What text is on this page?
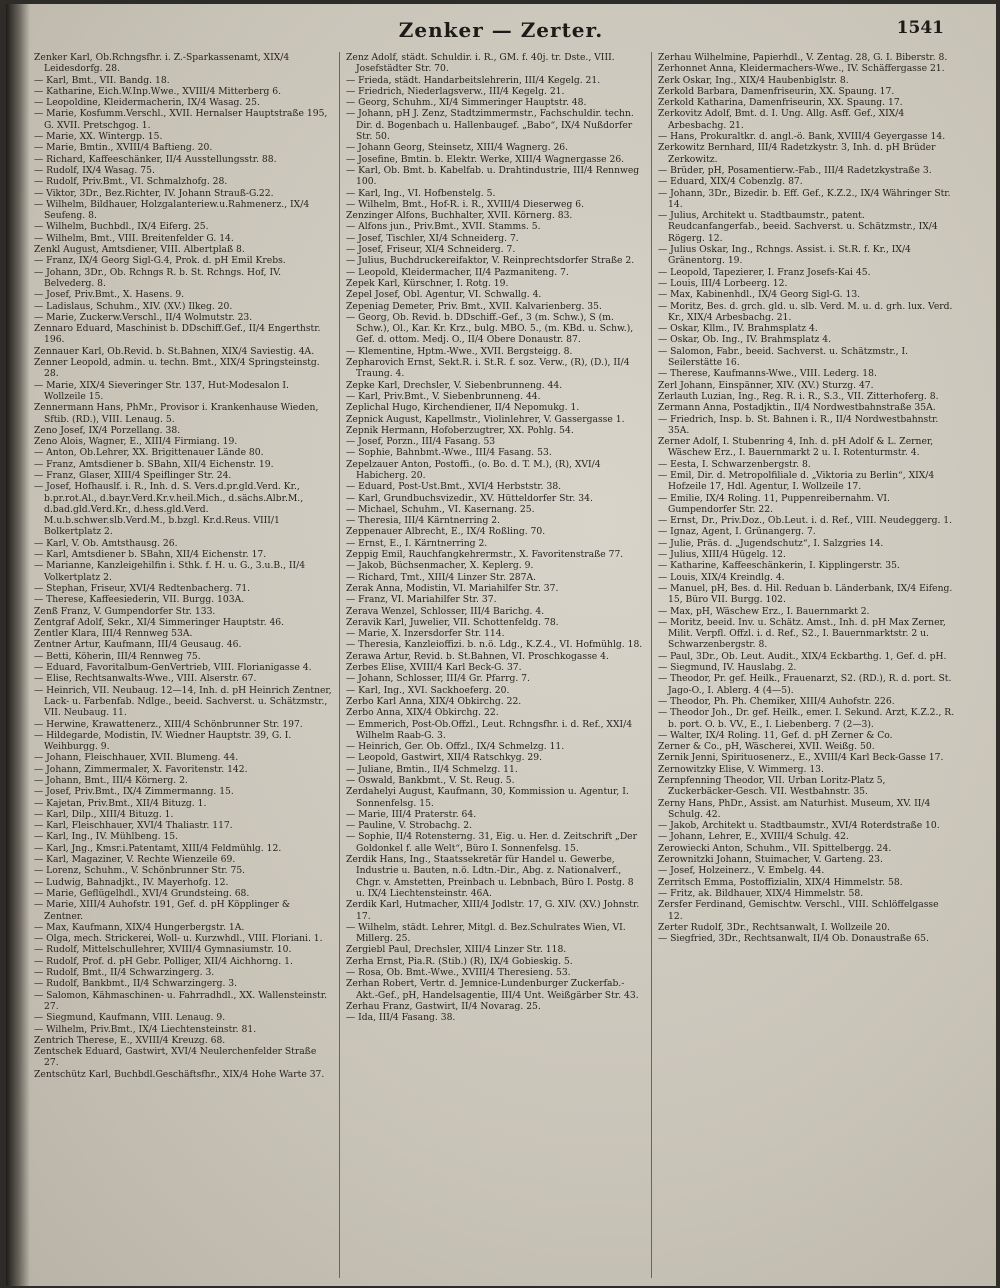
Zenker — Zerter.	1541

Zenker Karl, Ob.Rchngsfhr. i. Z.-Sparkassenamt, XIX/4 Leidesdorfg. 28.

— Karl, Bmt., VII. Bandg. 18.

— Katharine, Eich.W.Inp.Wwe., XVIII/4 Mitterberg 6.

— Leopoldine, Kleidermacherin, IX/4 Wasag. 25.

— Marie, Kosfumm.Verschl., XVII. Hernalser Hauptstraße 195, G. XVII. Pretschgog. 1.

— Marie, XX. Wintergp. 15.

— Marie, Bmtin., XVIII/4 Baftieng. 20.

— Richard, Kaffeeschänker, II/4 Ausstellungsstr. 88.

— Rudolf, IX/4 Wasag. 75.

— Rudolf, Priv.Bmt., VI. Schmalzhofg. 28.

— Viktor, 3Dr., Bez.Richter, IV. Johann Strauß-G.22.

— Wilhelm, Bildhauer, Holzgalanteriew.u.Rahmenerz., IX/4 Seufeng. 8.

— Wilhelm, Buchbdl., IX/4 Eiferg. 25.

— Wilhelm, Bmt., VIII. Breitenfelder G. 14.

Zenkl August, Amtsdiener, VIII. Albertplaß 8.

— Franz, IX/4 Georg Sigl-G.4, Prok. d. pH Emil Krebs.

— Johann, 3Dr., Ob. Rchngs R. b. St. Rchngs. Hof, IV. Belvederg. 8.

— Josef, Priv.Bmt., X. Hasens. 9.

— Ladislaus, Schuhm., XIV. (XV.) Ilkeg. 20.

— Marie, Zuckerw.Verschl., II/4 Wolmutstr. 23.

Zennaro Eduard, Maschinist b. DDschiff.Gef., II/4 Engerthstr. 196.

Zennauer Karl, Ob.Revid. b. St.Bahnen, XIX/4 Saviestig. 4A.

Zenner Leopold, admin. u. techn. Bmt., XIX/4 Springsteinstg. 28.

— Marie, XIX/4 Sieveringer Str. 137, Hut-Modesalon I. Wollzeile 15.

Zennermann Hans, PhMr., Provisor i. Krankenhause Wieden, Sftib. (RD.), VIII. Lenaug. 5.

Zeno Josef, IX/4 Porzellang. 38.

Zeno Alois, Wagner, E., XIII/4 Firmiang. 19.

— Anton, Ob.Lehrer, XX. Brigittenauer Lände 80.

— Franz, Amtsdiener b. SBahn, XII/4 Eichenstr. 19.

— Franz, Glaser, XIII/4 Speiflinger Str. 24.

— Josef, Hofhauslf. i. R., Inh. d. S. Vers.d.pr.gld.Verd. Kr., b.pr.rot.Al., d.bayr.Verd.Kr.v.heil.Mich., d.sächs.Albr.M., d.bad.gld.Verd.Kr., d.hess.gld.Verd. M.u.b.schwer.slb.Verd.M., b.bzgl. Kr.d.Reus. VIII/1 Bolkertplatz 2.

— Karl, V. Ob. Amtsthausg. 26.

— Karl, Amtsdiener b. SBahn, XII/4 Eichenstr. 17.

— Marianne, Kanzleigehilfin i. Sthk. f. H. u. G., 3.u.B., II/4 Volkertplatz 2.

— Stephan, Friseur, XVI/4 Redtenbacherg. 71.

— Therese, Kaffeesiederin, VII. Burgg. 103A.

Zenß Franz, V. Gumpendorfer Str. 133.

Zentgraf Adolf, Sekr., XI/4 Simmeringer Hauptstr. 46.

Zentler Klara, III/4 Rennweg 53A.

Zentner Artur, Kaufmann, III/4 Geusaug. 46.

— Betti, Köherin, III/4 Rennweg 75.

— Eduard, Favoritalbum-GenVertrieb, VIII. Florianigasse 4.

— Elise, Rechtsanwalts-Wwe., VIII. Alserstr. 67.

— Heinrich, VII. Neubaug. 12—14, Inh. d. pH Heinrich Zentner, Lack- u. Farbenfab. Ndlge., beeid. Sachverst. u. Schätzmstr., VII. Neubaug. 11.

— Herwine, Krawattenerz., XIII/4 Schönbrunner Str. 197.

— Hildegarde, Modistin, IV. Wiedner Hauptstr. 39, G. I. Weihburgg. 9.

— Johann, Fleischhauer, XVII. Blumeng. 44.

— Johann, Zimmermaler, X. Favoritenstr. 142.

— Johann, Bmt., III/4 Körnerg. 2.

— Josef, Priv.Bmt., IX/4 Zimmermanng. 15.

— Kajetan, Priv.Bmt., XII/4 Bituzg. 1.

— Karl, Dilp., XIII/4 Bituzg. 1.

— Karl, Fleischhauer, XVI/4 Thaliastr. 117.

— Karl, Ing., IV. Mühlbeng. 15.

— Karl, Jng., Kmsr.i.Patentamt, XIII/4 Feldmühlg. 12.

— Karl, Magaziner, V. Rechte Wienzeile 69.

— Lorenz, Schuhm., V. Schönbrunner Str. 75.

— Ludwig, Bahnadjkt., IV. Mayerhofg. 12.

— Marie, Geflügelhdl., XVI/4 Grundsteing. 68.

— Marie, XIII/4 Auhofstr. 191, Gef. d. pH Köpplinger & Zentner.

— Max, Kaufmann, XIX/4 Hungerbergstr. 1A.

— Olga, mech. Strickerei, Woll- u. Kurzwhdl., VIII. Floriani. 1.

— Rudolf, Mittelschullehrer, XVIII/4 Gymnasiumstr. 10.

— Rudolf, Prof. d. pH Gebr. Polliger, XII/4 Aichhorng. 1.

— Rudolf, Bmt., II/4 Schwarzingerg. 3.

— Rudolf, Bankbmt., II/4 Schwarzingerg. 3.

— Salomon, Kähmaschinen- u. Fahrradhdl., XX. Wallensteinstr. 27.

— Siegmund, Kaufmann, VIII. Lenaug. 9.

— Wilhelm, Priv.Bmt., IX/4 Liechtensteinstr. 81.

Zentrich Therese, E., XVIII/4 Kreuzg. 68.

Zentschek Eduard, Gastwirt, XVI/4 Neulerchenfelder Straße 27.

Zentschütz Karl, Buchbdl.Geschäftsfhr., XIX/4 Hohe Warte 37.

Zenz Adolf, städt. Schuldir. i. R., GM. f. 40j. tr. Dste., VIII. Josefstädter Str. 70.

— Frieda, städt. Handarbeitslehrerin, III/4 Kegelg. 21.

— Friedrich, Niederlagsverw., III/4 Kegelg. 21.

— Georg, Schuhm., XI/4 Simmeringer Hauptstr. 48.

— Johann, pH J. Zenz, Stadtzimmermstr., Fachschuldir. techn. Dir. d. Bogenbach u. Hallenbaugef. „Babo“, IX/4 Nußdorfer Str. 50.

— Johann Georg, Steinsetz, XIII/4 Wagnerg. 26.

— Josefine, Bmtin. b. Elektr. Werke, XIII/4 Wagnergasse 26.

— Karl, Ob. Bmt. b. Kabelfab. u. Drahtindustrie, III/4 Rennweg 100.

— Karl, Ing., VI. Hofbenstelg. 5.

— Wilhelm, Bmt., Hof-R. i. R., XVIII/4 Dieserweg 6.

Zenzinger Alfons, Buchhalter, XVII. Körnerg. 83.

— Alfons jun., Priv.Bmt., XVII. Stamms. 5.

— Josef, Tischler, XI/4 Schneiderg. 7.

— Josef, Friseur, XI/4 Schneiderg. 7.

— Julius, Buchdruckereifaktor, V. Reinprechtsdorfer Straße 2.

— Leopold, Kleidermacher, II/4 Pazmaniteng. 7.

Zepek Karl, Kürschner, I. Rotg. 19.

Zepel Josef, Obl. Agentur, VI. Schwallg. 4.

Zepeniag Demeter, Priv. Bmt., XVII. Kalvarienberg. 35.

— Georg, Ob. Revid. b. DDschiff.-Gef., 3 (m. Schw.), S (m. Schw.), Ol., Kar. Kr. Krz., bulg. MBO. 5., (m. KBd. u. Schw.), Gef. d. ottom. Medj. O., II/4 Obere Donaustr. 87.

— Klementine, Hptm.-Wwe., XVII. Bergsteigg. 8.

Zepharovich Ernst, Sekt.R. i. St.R. f. soz. Verw., (R), (D.), II/4 Traung. 4.

Zepke Karl, Drechsler, V. Siebenbrunneng. 44.

— Karl, Priv.Bmt., V. Siebenbrunneng. 44.

Zeplichal Hugo, Kirchendiener, II/4 Nepomukg. 1.

Zepnick August, Kapellmstr., Violinlehrer, V. Gassergasse 1.

Zepnik Hermann, Hofoberzugtrer, XX. Pohlg. 54.

— Josef, Porzn., III/4 Fasang. 53

— Sophie, Bahnbmt.-Wwe., III/4 Fasang. 53.

Zepelzauer Anton, Postoffi., (o. Bo. d. T. M.), (R), XVI/4 Habicherg. 20.

— Eduard, Post-Ust.Bmt., XVI/4 Herbststr. 38.

— Karl, Grundbuchsvizedir., XV. Hütteldorfer Str. 34.

— Michael, Schuhm., VI. Kasernang. 25.

— Theresia, III/4 Kärntnerring 2.

Zeppenauer Albrecht, E., IX/4 Roßling. 70.

— Ernst, E., I. Kärntnerring 2.

Zeppig Emil, Rauchfangkehrermstr., X. Favoritenstraße 77.

— Jakob, Büchsenmacher, X. Keplerg. 9.

— Richard, Tmt., XIII/4 Linzer Str. 287A.

Zerak Anna, Modistin, VI. Mariahilfer Str. 37.

— Franz, VI. Mariahilfer Str. 37.

Zerava Wenzel, Schlosser, III/4 Barichg. 4.

Zeravik Karl, Juwelier, VII. Schottenfeldg. 78.

— Marie, X. Inzersdorfer Str. 114.

— Theresia, Kanzleioffizi. b. n.ö. Ldg., K.Z.4., VI. Hofmühlg. 18.

Zerawa Artur, Revid. b. St.Bahnen, VI. Proschkogasse 4.

Zerbes Elise, XVIII/4 Karl Beck-G. 37.

— Johann, Schlosser, III/4 Gr. Pfarrg. 7.

— Karl, Ing., XVI. Sackhoeferg. 20.

Zerbo Karl Anna, XIX/4 Obkirchg. 22.

Zerbo Anna, XIX/4 Obkirchg. 22.

— Emmerich, Post-Ob.Offzl., Leut. Rchngsfhr. i. d. Ref., XXI/4 Wilhelm Raab-G. 3.

— Heinrich, Ger. Ob. Offzl., IX/4 Schmelzg. 11.

— Leopold, Gastwirt, XII/4 Ratschkyg. 29.

— Juliane, Bmtin., II/4 Schmelzg. 11.

— Oswald, Bankbmt., V. St. Reug. 5.

Zerdahelyi August, Kaufmann, 30, Kommission u. Agentur, I. Sonnenfelsg. 15.

— Marie, III/4 Praterstr. 64.

— Pauline, V. Strobachg. 2.

— Sophie, II/4 Rotensterng. 31, Eig. u. Her. d. Zeitschrift „Der Goldonkel f. alle Welt“, Büro I. Sonnenfelsg. 15.

Zerdik Hans, Ing., Staatssekretär für Handel u. Gewerbe, Industrie u. Bauten, n.ö. Ldtn.-Dir., Abg. z. Nationalverf., Chgr. v. Amstetten, Preinbach u. Lebnbach, Büro I. Postg. 8 u. IX/4 Liechtensteinstr. 46A.

Zerdik Karl, Hutmacher, XIII/4 Jodlstr. 17, G. XIV. (XV.) Johnstr. 17.

— Wilhelm, städt. Lehrer, Mitgl. d. Bez.Schulrates Wien, VI. Millerg. 25.

Zergiebl Paul, Drechsler, XIII/4 Linzer Str. 118.

Zerha Ernst, Pia.R. (Stib.) (R), IX/4 Gobieskig. 5.

— Rosa, Ob. Bmt.-Wwe., XVIII/4 Theresieng. 53.

Zerhan Robert, Vertr. d. Jemnice-Lundenburger Zuckerfab.-Akt.-Gef., pH, Handelsagentie, III/4 Unt. Weißgärber Str. 43.

Zerhau Franz, Gastwirt, II/4 Novarag. 25.

— Ida, III/4 Fasang. 38.

Zerhau Wilhelmine, Papierhdl., V. Zentag. 28, G. I. Biberstr. 8.

Zerhonnet Anna, Kleidermachers-Wwe., IV. Schäffergasse 21.

Zerk Oskar, Ing., XIX/4 Haubenbiglstr. 8.

Zerkold Barbara, Damenfriseurin, XX. Spaung. 17.

Zerkold Katharina, Damenfriseurin, XX. Spaung. 17.

Zerkovitz Adolf, Bmt. d. I. Ung. Allg. Asff. Gef., XIX/4 Arbesbachg. 21.

— Hans, Prokuraltkr. d. angl.-ö. Bank, XVIII/4 Geyergasse 14.

Zerkowitz Bernhard, III/4 Radetzkystr. 3, Inh. d. pH Brüder Zerkowitz.

— Brüder, pH, Posamentierw.-Fab., III/4 Radetzkystraße 3.

— Eduard, XIX/4 Cobenzlg. 87.

— Johann, 3Dr., Bizedir. b. Eff. Gef., K.Z.2., IX/4 Währinger Str. 14.

— Julius, Architekt u. Stadtbaumstr., patent. Reudcanfangerfab., beeid. Sachverst. u. Schätzmstr., IX/4 Rögerg. 12.

— Julius Oskar, Ing., Rchngs. Assist. i. St.R. f. Kr., IX/4 Gränentorg. 19.

— Leopold, Tapezierer, I. Franz Josefs-Kai 45.

— Louis, III/4 Lorbeerg. 12.

— Max, Kabinenhdl., IX/4 Georg Sigl-G. 13.

— Moritz, Bes. d. grch. gld. u. slb. Verd. M. u. d. grh. lux. Verd. Kr., XIX/4 Arbesbachg. 21.

— Oskar, Kllm., IV. Brahmsplatz 4.

— Oskar, Ob. Ing., IV. Brahmsplatz 4.

— Salomon, Fabr., beeid. Sachverst. u. Schätzmstr., I. Seilerstätte 16.

— Therese, Kaufmanns-Wwe., VIII. Lederg. 18.

Zerl Johann, Einspänner, XIV. (XV.) Sturzg. 47.

Zerlauth Luzian, Ing., Reg. R. i. R., S.3., VII. Zitterhoferg. 8.

Zermann Anna, Postadjktin., II/4 Nordwestbahnstraße 35A.

— Friedrich, Insp. b. St. Bahnen i. R., II/4 Nordwestbahnstr. 35A.

Zerner Adolf, I. Stubenring 4, Inh. d. pH Adolf & L. Zerner, Wäschew Erz., I. Bauernmarkt 2 u. I. Rotenturmstr. 4.

— Eesta, I. Schwarzenbergstr. 8.

— Emil, Dir. d. Metropolfiliale d. „Viktoria zu Berlin“, XIX/4 Hofzeile 17, Hdl. Agentur, I. Wollzeile 17.

— Emilie, IX/4 Roling. 11, Puppenreibernahm. VI. Gumpendorfer Str. 22.

— Ernst, Dr., Priv.Doz., Ob.Leut. i. d. Ref., VIII. Neudeggerg. 1.

— Ignaz, Agent, I. Grünangerg. 7.

— Julie, Präs. d. „Jugendschutz“, I. Salzgries 14.

— Julius, XIII/4 Hügelg. 12.

— Katharine, Kaffeeschänkerin, I. Kipplingerstr. 35.

— Louis, XIX/4 Kreindlg. 4.

— Manuel, pH, Bes. d. Hil. Reduan b. Länderbank, IX/4 Eifeng. 15, Büro VII. Burgg. 102.

— Max, pH, Wäschew Erz., I. Bauernmarkt 2.

— Moritz, beeid. Inv. u. Schätz. Amst., Inh. d. pH Max Zerner, Milit. Verpfl. Offzl. i. d. Ref., S2., I. Bauernmarktstr. 2 u. Schwarzenbergstr. 8.

— Paul, 3Dr., Ob. Leut. Audit., XIX/4 Eckbarthg. 1, Gef. d. pH.

— Siegmund, IV. Hauslabg. 2.

— Theodor, Pr. gef. Heilk., Frauenarzt, S2. (RD.), R. d. port. St. Jago-O., I. Ablerg. 4 (4—5).

— Theodor, Ph. Ph. Chemiker, XIII/4 Auhofstr. 226.

— Theodor Joh., Dr. gef. Heilk., emer. I. Sekund. Arzt, K.Z.2., R. b. port. O. b. VV., E., I. Liebenberg. 7 (2—3).

— Walter, IX/4 Roling. 11, Gef. d. pH Zerner & Co.

Zerner & Co., pH, Wäscherei, XVII. Weißg. 50.

Zernik Jenni, Spirituosenerz., E., XVIII/4 Karl Beck-Gasse 17.

Zernowitzky Elise, V. Wimmerg. 13.

Zernpfenning Theodor, VII. Urban Loritz-Platz 5, Zuckerbäcker-Gesch. VII. Westbahnstr. 35.

Zerny Hans, PhDr., Assist. am Naturhist. Museum, XV. II/4 Schulg. 42.

— Jakob, Architekt u. Stadtbaumstr., XVI/4 Roterdstraße 10.

— Johann, Lehrer, E., XVIII/4 Schulg. 42.

Zerowiecki Anton, Schuhm., VII. Spittelbergg. 24.

Zerownitzki Johann, Stuimacher, V. Garteng. 23.

— Josef, Holzeinerz., V. Embelg. 44.

Zerritsch Emma, Postoffizialin, XIX/4 Himmelstr. 58.

— Fritz, ak. Bildhauer, XIX/4 Himmelstr. 58.

Zersfer Ferdinand, Gemischtw. Verschl., VIII. Schlöffelgasse 12.

Zerter Rudolf, 3Dr., Rechtsanwalt, I. Wollzeile 20.

— Siegfried, 3Dr., Rechtsanwalt, II/4 Ob. Donaustraße 65.
